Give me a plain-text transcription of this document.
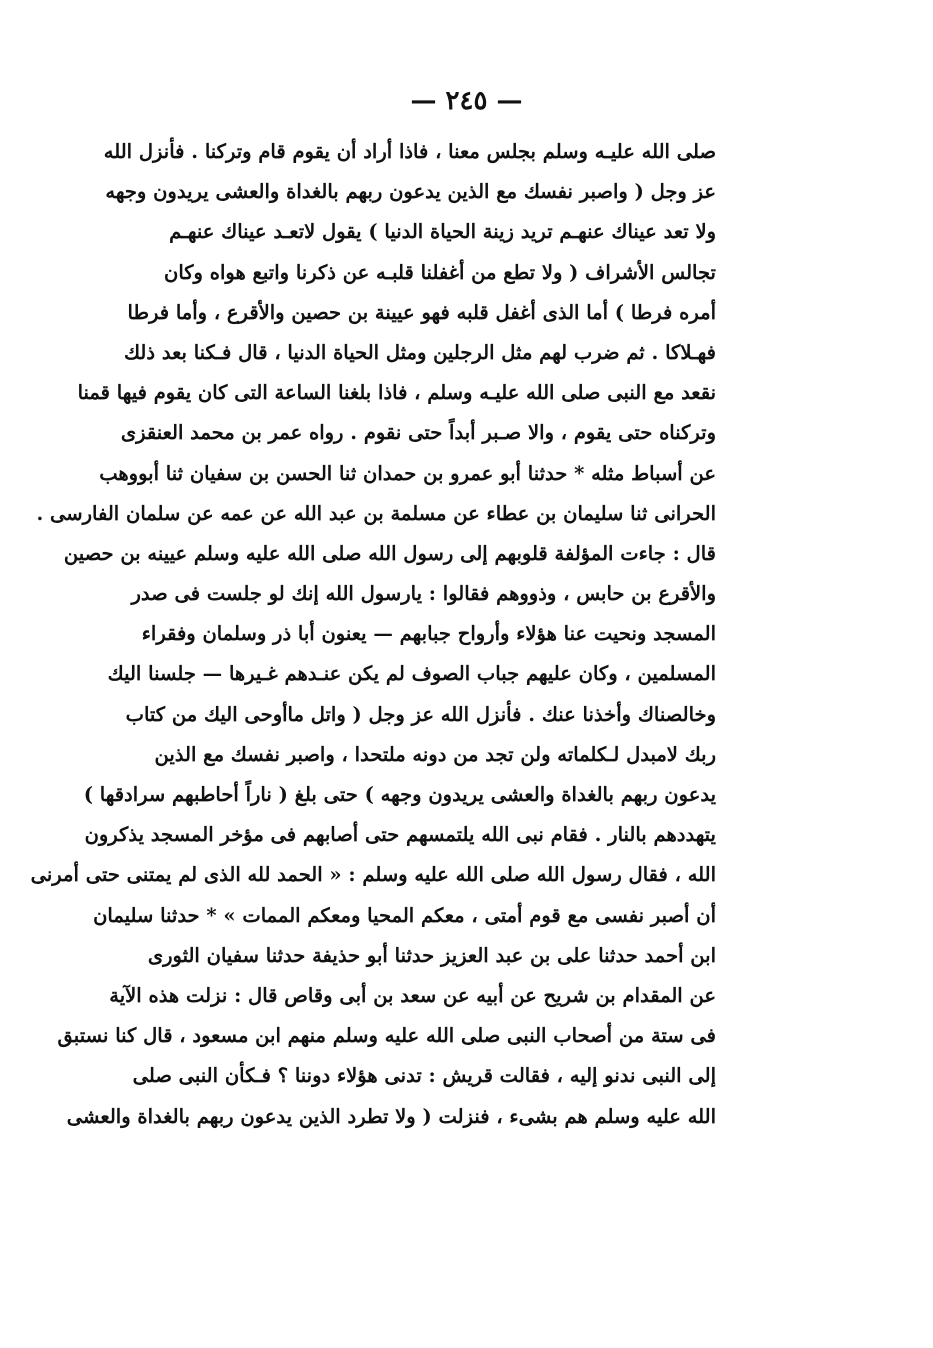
— ٢٤٥ —
صلى الله عليـه وسلم بجلس معنا ، فاذا أراد أن يقوم قام وتركنا . فأنزل الله
عز وجل ( واصبر نفسك مع الذين يدعون ربهم بالغداة والعشى يريدون وجهه
ولا تعد عيناك عنهـم تريد زينة الحياة الدنيا ) يقول لاتعـد عيناك عنهـم
تجالس الأشراف ( ولا تطع من أغفلنا قلبـه عن ذكرنا واتبع هواه وكان
أمره فرطا ) أما الذى أغفل قلبه فهو عيينة بن حصين والأقرع ، وأما فرطا
فهـلاكا . ثم ضرب لهم مثل الرجلين ومثل الحياة الدنيا ، قال فـكنا بعد ذلك
نقعد مع النبى صلى الله عليـه وسلم ، فاذا بلغنا الساعة التى كان يقوم فيها قمنا
وتركناه حتى يقوم ، والا صـبر أبداً حتى نقوم . رواه عمر بن محمد العنقزى
عن أسباط مثله * حدثنا أبو عمرو بن حمدان ثنا الحسن بن سفيان ثنا أبووهب
الحرانى ثنا سليمان بن عطاء عن مسلمة بن عبد الله عن عمه عن سلمان الفارسى .
قال : جاءت المؤلفة قلوبهم إلى رسول الله صلى الله عليه وسلم عيينه بن حصين
والأقرع بن حابس ، وذووهم فقالوا : يارسول الله إنك لو جلست فى صدر
المسجد ونحيت عنا هؤلاء وأرواح جبابهم — يعنون أبا ذر وسلمان وفقراء
المسلمين ، وكان عليهم جباب الصوف لم يكن عنـدهم غـيرها — جلسنا اليك
وخالصناك وأخذنا عنك . فأنزل الله عز وجل ( واتل ماأوحى اليك من كتاب
ربك لامبدل لـكلماته ولن تجد من دونه ملتحدا ، واصبر نفسك مع الذين
يدعون ربهم بالغداة والعشى يريدون وجهه ) حتى بلغ ( ناراً أحاطبهم سرادقها )
يتهددهم بالنار . فقام نبى الله يلتمسهم حتى أصابهم فى مؤخر المسجد يذكرون
الله ، فقال رسول الله صلى الله عليه وسلم : « الحمد لله الذى لم يمتنى حتى أمرنى
أن أصبر نفسى مع قوم أمتى ، معكم المحيا ومعكم الممات » * حدثنا سليمان
ابن أحمد حدثنا على بن عبد العزيز حدثنا أبو حذيفة حدثنا سفيان الثورى
عن المقدام بن شريح عن أبيه عن سعد بن أبى وقاص قال : نزلت هذه الآية
فى ستة من أصحاب النبى صلى الله عليه وسلم منهم ابن مسعود ، قال كنا نستبق
إلى النبى ندنو إليه ، فقالت قريش : تدنى هؤلاء دوننا ؟ فـكأن النبى صلى
الله عليه وسلم هم بشىء ، فنزلت ( ولا تطرد الذين يدعون ربهم بالغداة والعشى
